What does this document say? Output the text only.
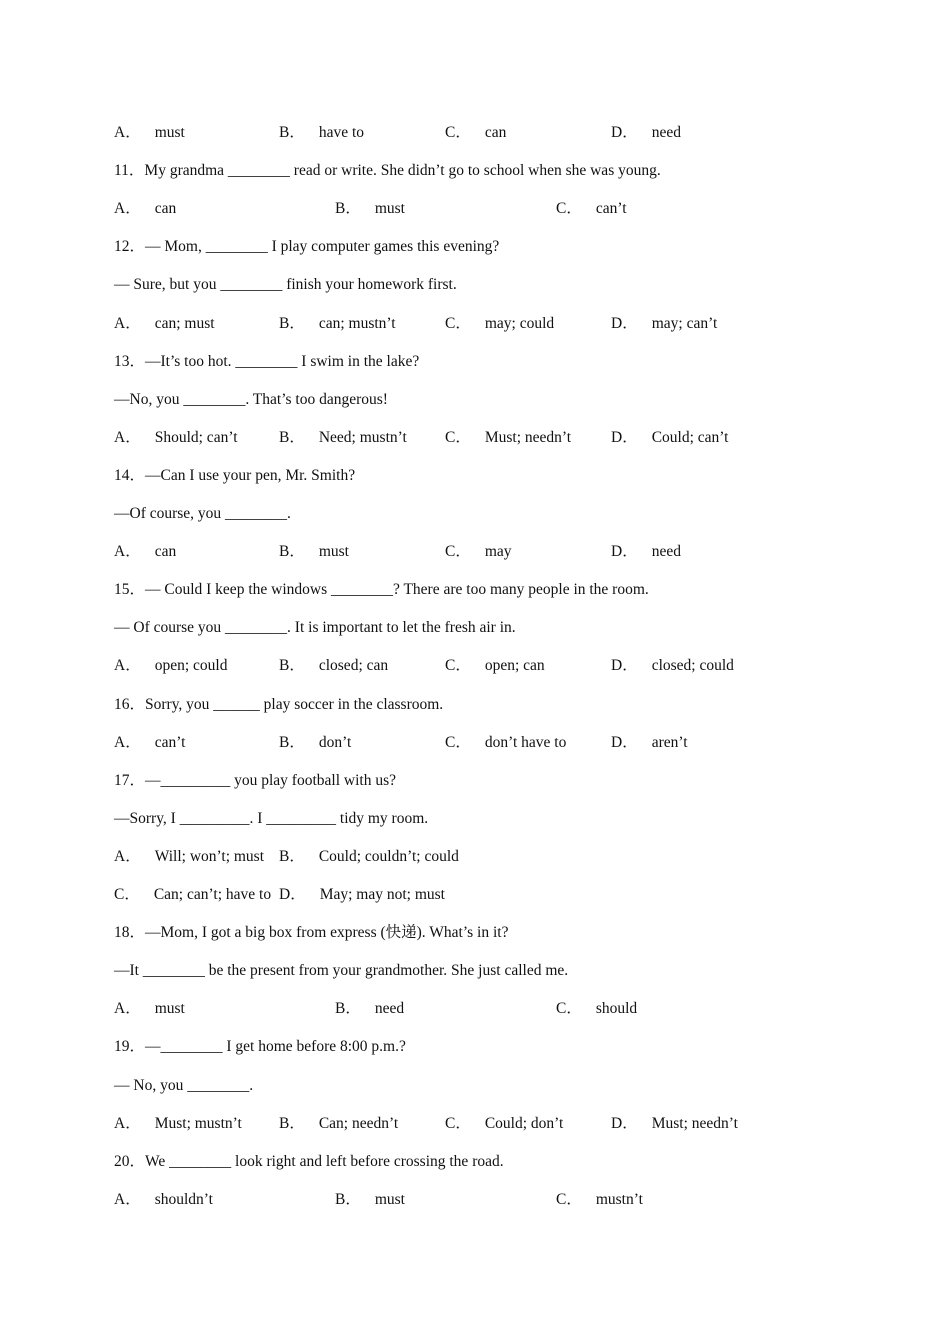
A． must	B． have to	C． can	D． need
11．My grandma ________ read or write. She didn’t go to school when she was young.
A． can	B． must	C． can’t
12．— Mom, ________ I play computer games this evening?
— Sure, but you ________ finish your homework first.
A． can; must	B． can; mustn’t	C． may; could	D． may; can’t
13．—It’s too hot. ________ I swim in the lake?
—No, you ________. That’s too dangerous!
A． Should; can’t	B． Need; mustn’t C． Must; needn’t	D． Could; can’t
14．—Can I use your pen, Mr. Smith?
—Of course, you ________.
A． can	B． must	C． may	D． need
15．— Could I keep the windows ________? There are too many people in the room.
— Of course you ________. It is important to let the fresh air in.
A． open; could	B． closed; can	C． open; can	D． closed; could
16．Sorry, you ______ play soccer in the classroom.
A． can’t	B． don’t	C． don’t have to	D． aren’t
17．—_________ you play football with us?
—Sorry, I _________. I _________ tidy my room.
A． Will; won’t; must B． Could; couldn’t; could
C． Can; can’t; have to D． May; may not; must
18．—Mom, I got a big box from express (快递). What’s in it?
—It ________ be the present from your grandmother. She just called me.
A． must	B． need	C． should
19．—________ I get home before 8:00 p.m.?
— No, you ________.
A． Must; mustn’t B． Can; needn’t	C． Could; don’t	D． Must; needn’t
20．We ________ look right and left before crossing the road.
A． shouldn’t	B． must	C． mustn’t
